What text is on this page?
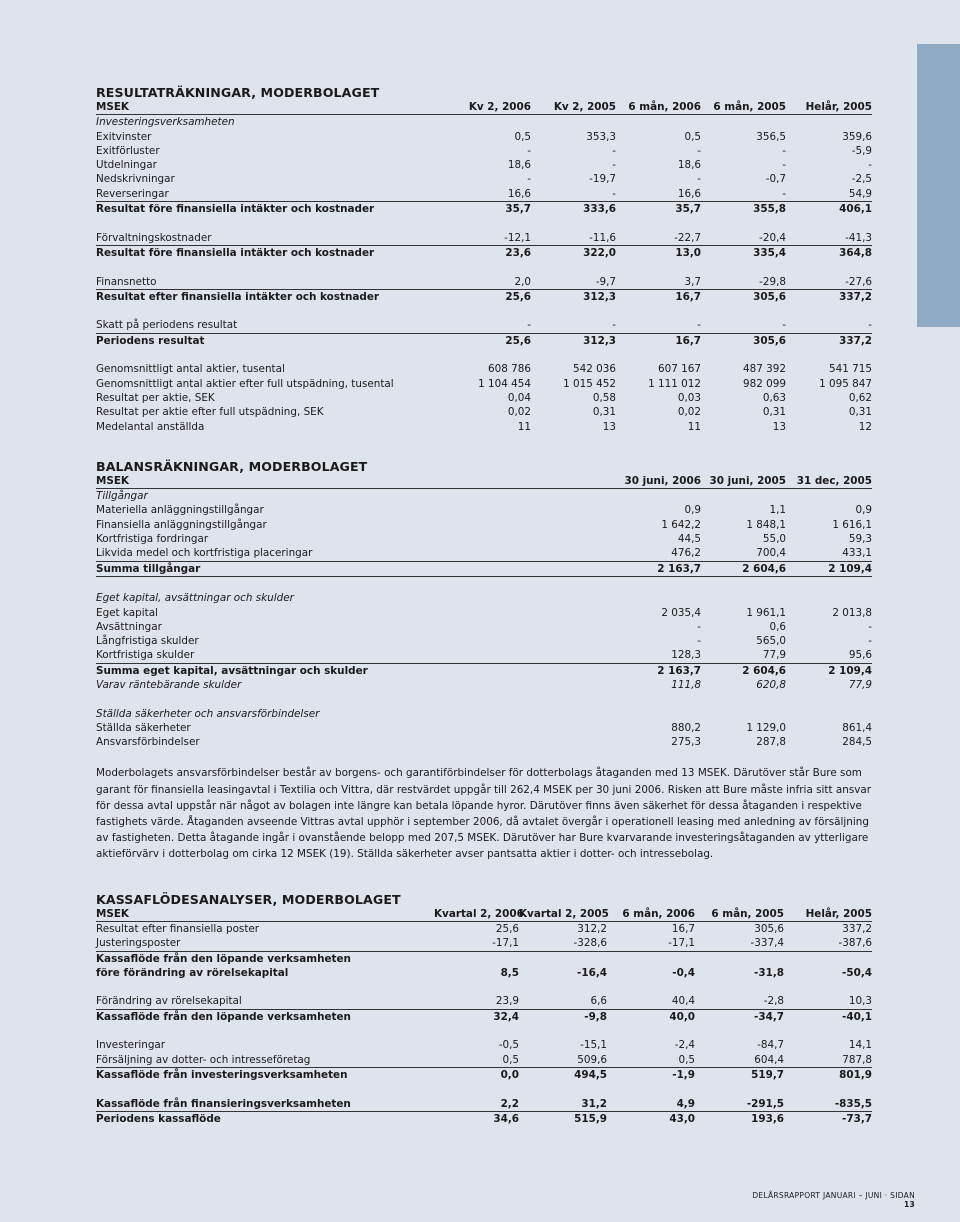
RESULTATRÄKNINGAR, MODERBOLAGET
MSEK	Kv 2, 2006	Kv 2, 2005	6 mån, 2006	6 mån, 2005	Helår, 2005
Investeringsverksamheten					
Exitvinster	0,5	353,3	0,5	356,5	359,6
Exitförluster	-	-	-	-	-5,9
Utdelningar	18,6	-	18,6	-	-
Nedskrivningar	-	-19,7	-	-0,7	-2,5
Reverseringar	16,6	-	16,6	-	54,9
Resultat före finansiella intäkter och kostnader	35,7	333,6	35,7	355,8	406,1

Förvaltningskostnader	-12,1	-11,6	-22,7	-20,4	-41,3
Resultat före finansiella intäkter och kostnader	23,6	322,0	13,0	335,4	364,8

Finansnetto	2,0	-9,7	3,7	-29,8	-27,6
Resultat efter finansiella intäkter och kostnader	25,6	312,3	16,7	305,6	337,2

Skatt på periodens resultat	-	-	-	-	-
Periodens resultat	25,6	312,3	16,7	305,6	337,2

Genomsnittligt antal aktier, tusental	608 786	542 036	607 167	487 392	541 715
Genomsnittligt antal aktier efter full utspädning, tusental	1 104 454	1 015 452	1 111 012	982 099	1 095 847
Resultat per aktie, SEK	0,04	0,58	0,03	0,63	0,62
Resultat per aktie efter full utspädning, SEK	0,02	0,31	0,02	0,31	0,31
Medelantal anställda	11	13	11	13	12
BALANSRÄKNINGAR, MODERBOLAGET
MSEK	30 juni, 2006	30 juni, 2005	31 dec, 2005
Tillgångar			
Materiella anläggningstillgångar	0,9	1,1	0,9
Finansiella anläggningstillgångar	1 642,2	1 848,1	1 616,1
Kortfristiga fordringar	44,5	55,0	59,3
Likvida medel och kortfristiga placeringar	476,2	700,4	433,1
Summa tillgångar	2 163,7	2 604,6	2 109,4

Eget kapital, avsättningar och skulder			
Eget kapital	2 035,4	1 961,1	2 013,8
Avsättningar	-	0,6	-
Långfristiga skulder	-	565,0	-
Kortfristiga skulder	128,3	77,9	95,6
Summa eget kapital, avsättningar och skulder	2 163,7	2 604,6	2 109,4
Varav räntebärande skulder	111,8	620,8	77,9

Ställda säkerheter och ansvarsförbindelser			
Ställda säkerheter	880,2	1 129,0	861,4
Ansvarsförbindelser	275,3	287,8	284,5
Moderbolagets ansvarsförbindelser består av borgens- och garantiförbindelser för dotterbolags åtaganden med 13 MSEK. Därutöver står Bure som garant för finansiella leasingavtal i Textilia och Vittra, där restvärdet uppgår till 262,4 MSEK per 30 juni 2006. Risken att Bure måste infria sitt ansvar för dessa avtal uppstår när något av bolagen inte längre kan betala löpande hyror. Därutöver finns även säkerhet för dessa åtaganden i respektive fastighets värde. Åtaganden avseende Vittras avtal upphör i september 2006, då avtalet övergår i operationell leasing med anledning av försäljning av fastigheten. Detta åtagande ingår i ovanstående belopp med 207,5 MSEK. Därutöver har Bure kvarvarande investeringsåtaganden av ytterligare aktieförvärv i dotterbolag om cirka 12 MSEK (19). Ställda säkerheter avser pantsatta aktier i dotter- och intressebolag.
KASSAFLÖDESANALYSER, MODERBOLAGET
MSEK	Kvartal 2, 2006	Kvartal 2, 2005	6 mån, 2006	6 mån, 2005	Helår, 2005
Resultat efter finansiella poster	25,6	312,2	16,7	305,6	337,2
Justeringsposter	-17,1	-328,6	-17,1	-337,4	-387,6
Kassaflöde från den löpande verksamheten					
före förändring av rörelsekapital	8,5	-16,4	-0,4	-31,8	-50,4

Förändring av rörelsekapital	23,9	6,6	40,4	-2,8	10,3
Kassaflöde från den löpande verksamheten	32,4	-9,8	40,0	-34,7	-40,1

Investeringar	-0,5	-15,1	-2,4	-84,7	14,1
Försäljning av dotter- och intresseföretag	0,5	509,6	0,5	604,4	787,8
Kassaflöde från investeringsverksamheten	0,0	494,5	-1,9	519,7	801,9

Kassaflöde från finansieringsverksamheten	2,2	31,2	4,9	-291,5	-835,5
Periodens kassaflöde	34,6	515,9	43,0	193,6	-73,7
DELÅRSRAPPORT JANUARI – JUNI · SIDAN 13
